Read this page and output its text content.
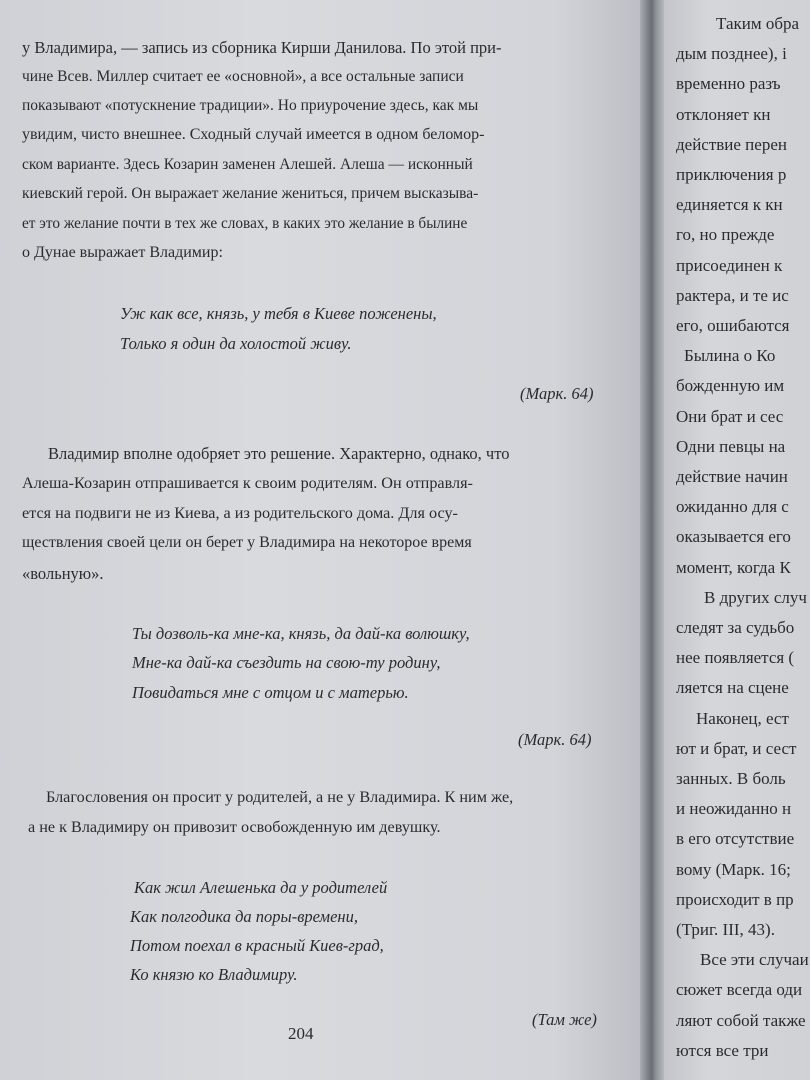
у Владимира, — запись из сборника Кирши Данилова. По этой при-
чине Всев. Миллер считает ее «основной», а все остальные записи
показывают «потускнение традиции». Но приурочение здесь, как мы
увидим, чисто внешнее. Сходный случай имеется в одном беломор-
ском варианте. Здесь Козарин заменен Алешей. Алеша — исконный
киевский герой. Он выражает желание жениться, причем высказыва-
ет это желание почти в тех же словах, в каких это желание в былине
о Дунае выражает Владимир:
Уж как все, князь, у тебя в Киеве поженены,
Только я один да холостой живу.
(Марк. 64)
Владимир вполне одобряет это решение. Характерно, однако, что
Алеша-Козарин отпрашивается к своим родителям. Он отправля-
ется на подвиги не из Киева, а из родительского дома. Для осу-
ществления своей цели он берет у Владимира на некоторое время
«вольную».
Ты дозволь-ка мне-ка, князь, да дай-ка волюшку,
Мне-ка дай-ка съездить на свою-ту родину,
Повидаться мне с отцом и с матерью.
(Марк. 64)
Благословения он просит у родителей, а не у Владимира. К ним же,
а не к Владимиру он привозит освобожденную им девушку.
Как жил Алешенька да у родителей
Как полгодика да поры-времени,
Потом поехал в красный Киев-град,
Ко князю ко Владимиру.
(Там же)
204
Таким обра
дым позднее), і
временно разъ
отклоняет кн
действие перен
приключения р
единяется к кн
го, но прежде
присоединен к
рактера, и те ис
его, ошибаются
Былина о Ко
божденную им
Они брат и сес
Одни певцы на
действие начин
ожиданно для с
оказывается его
момент, когда К
В других случ
следят за судьбо
нее появляется (
ляется на сцене
Наконец, ест
ют и брат, и сест
занных. В боль
и неожиданно н
в его отсутствие
вому (Марк. 16;
происходит в пр
(Триг. III, 43).
Все эти случаи
сюжет всегда оди
ляют собой также
ются все три
